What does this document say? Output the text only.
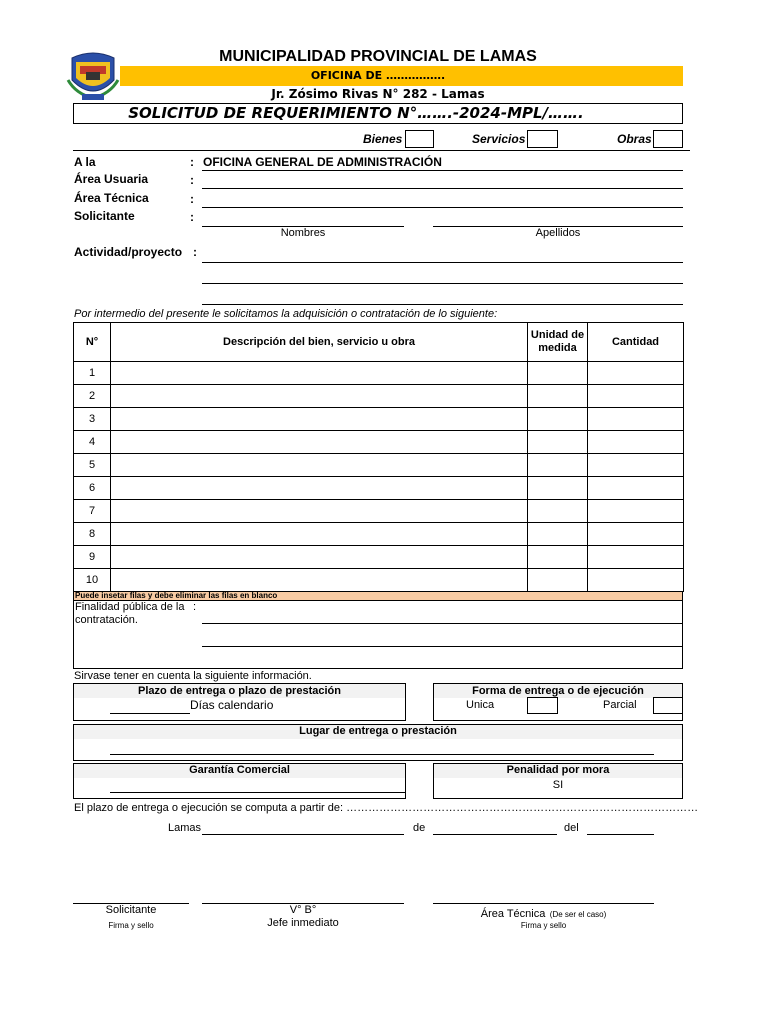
MUNICIPALIDAD PROVINCIAL DE LAMAS
OFICINA DE …………….
Jr. Zósimo Rivas N° 282 - Lamas
SOLICITUD DE REQUERIMIENTO N°…….-2024-MPL/…….
Bienes	Servicios	Obras
A la	: OFICINA GENERAL DE ADMINISTRACIÓN
Área Usuaria	:
Área Técnica	:
Solicitante	:
Nombres	Apellidos
Actividad/proyecto :
Por intermedio del presente le solicitamos la adquisición o contratación de lo siguiente:
N°	Descripción del bien, servicio u obra	Unidad de medida	Cantidad
1			
2			
3			
4			
5			
6			
7			
8			
9			
10			
Puede insetar filas y debe eliminar las filas en blanco
Finalidad pública de la contratación.
:
Sirvase tener en cuenta la siguiente información.
Plazo de entrega o plazo de prestación
Días calendario
Forma de entrega o de ejecución
Unica	Parcial
Lugar de entrega o prestación
Garantía Comercial	Penalidad por mora
SI
El plazo de entrega o ejecución se computa a partir de: ……………………………………………………………………………………
Lamas	de	del
Solicitante
Firma y sello
V° B°
Jefe inmediato
Área Técnica (De ser el caso)
Firma y sello
